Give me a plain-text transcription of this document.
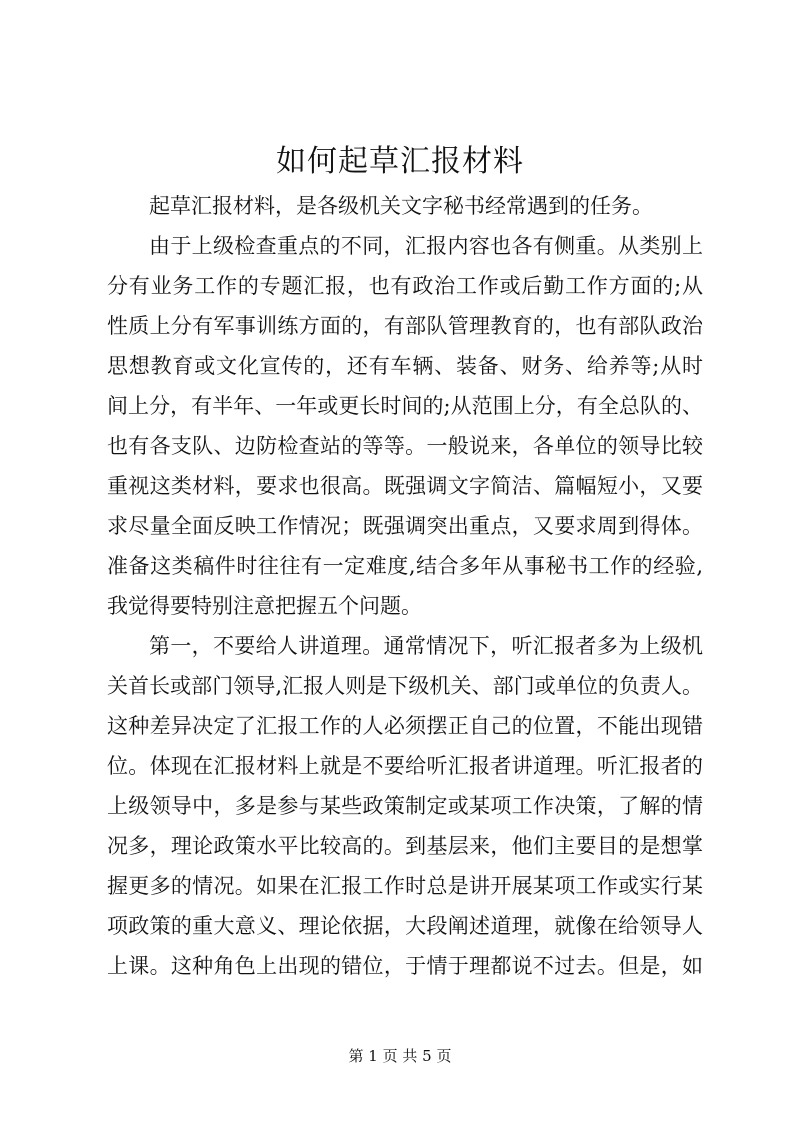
如何起草汇报材料

起草汇报材料，是各级机关文字秘书经常遇到的任务。

由于上级检查重点的不同，汇报内容也各有侧重。从类别上

分有业务工作的专题汇报，也有政治工作或后勤工作方面的;从

性质上分有军事训练方面的，有部队管理教育的，也有部队政治

思想教育或文化宣传的，还有车辆、装备、财务、给养等;从时

间上分，有半年、一年或更长时间的;从范围上分，有全总队的、

也有各支队、边防检查站的等等。一般说来，各单位的领导比较

重视这类材料，要求也很高。既强调文字简洁、篇幅短小，又要

求尽量全面反映工作情况；既强调突出重点，又要求周到得体。

准备这类稿件时往往有一定难度,结合多年从事秘书工作的经验,

我觉得要特别注意把握五个问题。

第一，不要给人讲道理。通常情况下，听汇报者多为上级机

关首长或部门领导,汇报人则是下级机关、部门或单位的负责人。

这种差异决定了汇报工作的人必须摆正自己的位置，不能出现错

位。体现在汇报材料上就是不要给听汇报者讲道理。听汇报者的

上级领导中，多是参与某些政策制定或某项工作决策，了解的情

况多，理论政策水平比较高的。到基层来，他们主要目的是想掌

握更多的情况。如果在汇报工作时总是讲开展某项工作或实行某

项政策的重大意义、理论依据，大段阐述道理，就像在给领导人

上课。这种角色上出现的错位，于情于理都说不过去。但是，如

第 1 页 共 5 页
